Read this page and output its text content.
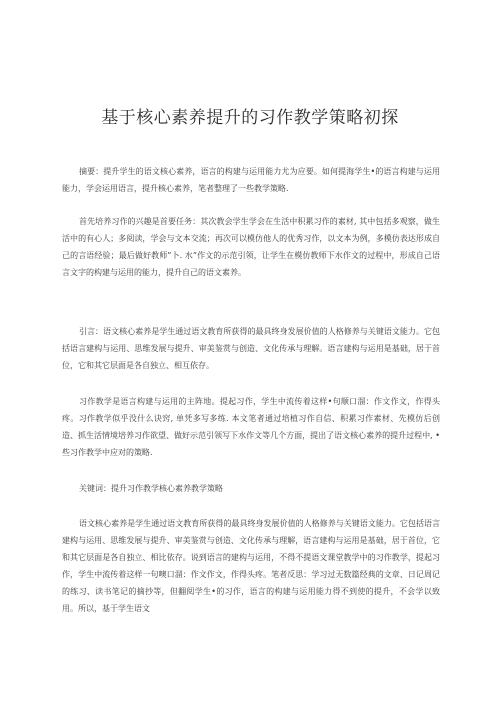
基于核心素养提升的习作教学策略初探

摘要：提升学生的语文核心素养，语言的构建与运用能力尤为应要。如何提海学生•的语言构建与运用能力，学会运用语言，提升核心素养，笔者整理了一些教学策略.

首先培养习作的兴趣是首要任务：其次教会学生学会在生活中积累习作的素材, 其中包括多观察，做生活中的有心人；多阅读，学会与文本交流；再次可以模仿他人的优秀习作，以文本为例，多模仿表达形成自己的言语经验；最后做好教师”卜. 水”作文的示范引领，让学生在模仿教师下水作文的过程中，形成自己语言文字的构建与运用的能力，提升自己的语文素养。

引言：语文核心素养是学生通过语文教育所获得的最具终身发展价值的人格修养与关键语文能力。它包括语言建构与运用、思维发展与提升、审美鉴赏与创造、文化传承与理解。语言建构与运用是基础，居于首位，它和其它层面是各自独立、相互依存。

习作教学是语言构建与运用的主阵地。提起习作，学生中流传着这样•句顺口溜：作文作文，作得头疼。习作教学似乎没什么诀窍, 单凭多写多练. 本文笔者通过培植习作自信、积累习作素材、先模仿后创造、抓生活情境培养习作欲望、做好示范引领写下水作文等几个方面，提出了语文核心素养的提升过程中, •些习作教学中应对的策略.

关键词：提升习作教学核心素养教学策略

语文核心素养是学生通过语文教育所获得的最具终身发展价值的人格修养与关键语文能力。它包括语言建构与运用、思维发展与提升、审美鉴赏与创造、文化传承与理解，语言建构与运用是基础，居于首位，它和其它层面是各自独立、相比依存。说到语言的建构与运用，不得不提语文课堂教学中的习作教学，提起习作，学生中流传着这样一句噢口溜：作文作文，作得头疼。笔者反思：学习过无数篇经典的文章、日记周记的练习、读书笔记的摘抄等，但翻阅学生•的习作，语言的构建与运用能力得不到使的提升，不会学以致用。所以，基于学生语文
